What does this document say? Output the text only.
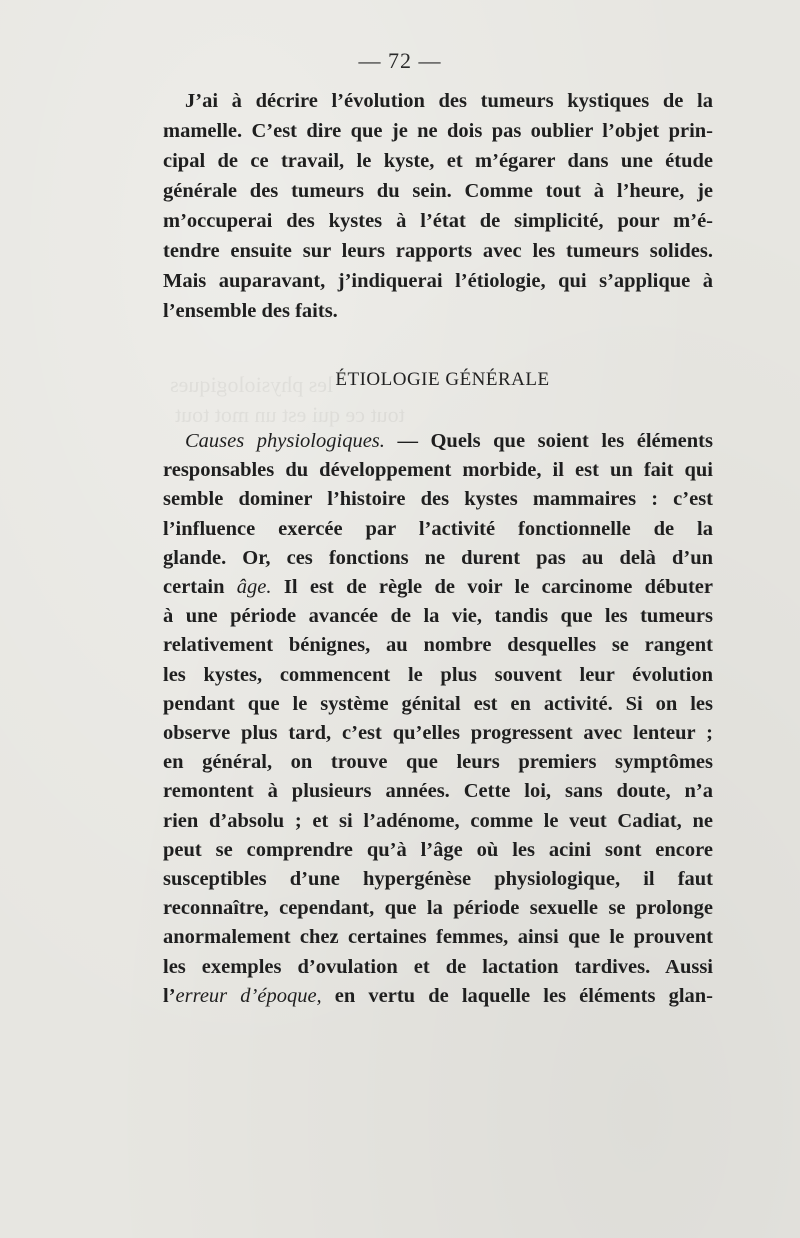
les physiologiques
tout ce qui est un mot tout
— 72 —
J’ai à décrire l’évolution des tumeurs kystiques de la
mamelle. C’est dire que je ne dois pas oublier l’objet prin-
cipal de ce travail, le kyste, et m’égarer dans une étude
générale des tumeurs du sein. Comme tout à l’heure, je
m’occuperai des kystes à l’état de simplicité, pour m’é-
tendre ensuite sur leurs rapports avec les tumeurs solides.
Mais auparavant, j’indiquerai l’étiologie, qui s’applique à
l’ensemble des faits.
ÉTIOLOGIE GÉNÉRALE
Causes physiologiques. — Quels que soient les éléments
responsables du développement morbide, il est un fait qui
semble dominer l’histoire des kystes mammaires : c’est
l’influence exercée par l’activité fonctionnelle de la
glande. Or, ces fonctions ne durent pas au delà d’un
certain âge. Il est de règle de voir le carcinome débuter
à une période avancée de la vie, tandis que les tumeurs
relativement bénignes, au nombre desquelles se rangent
les kystes, commencent le plus souvent leur évolution
pendant que le système génital est en activité. Si on les
observe plus tard, c’est qu’elles progressent avec lenteur ;
en général, on trouve que leurs premiers symptômes
remontent à plusieurs années. Cette loi, sans doute, n’a
rien d’absolu ; et si l’adénome, comme le veut Cadiat, ne
peut se comprendre qu’à l’âge où les acini sont encore
susceptibles d’une hypergénèse physiologique, il faut
reconnaître, cependant, que la période sexuelle se prolonge
anormalement chez certaines femmes, ainsi que le prouvent
les exemples d’ovulation et de lactation tardives. Aussi
l’erreur d’époque, en vertu de laquelle les éléments glan-
